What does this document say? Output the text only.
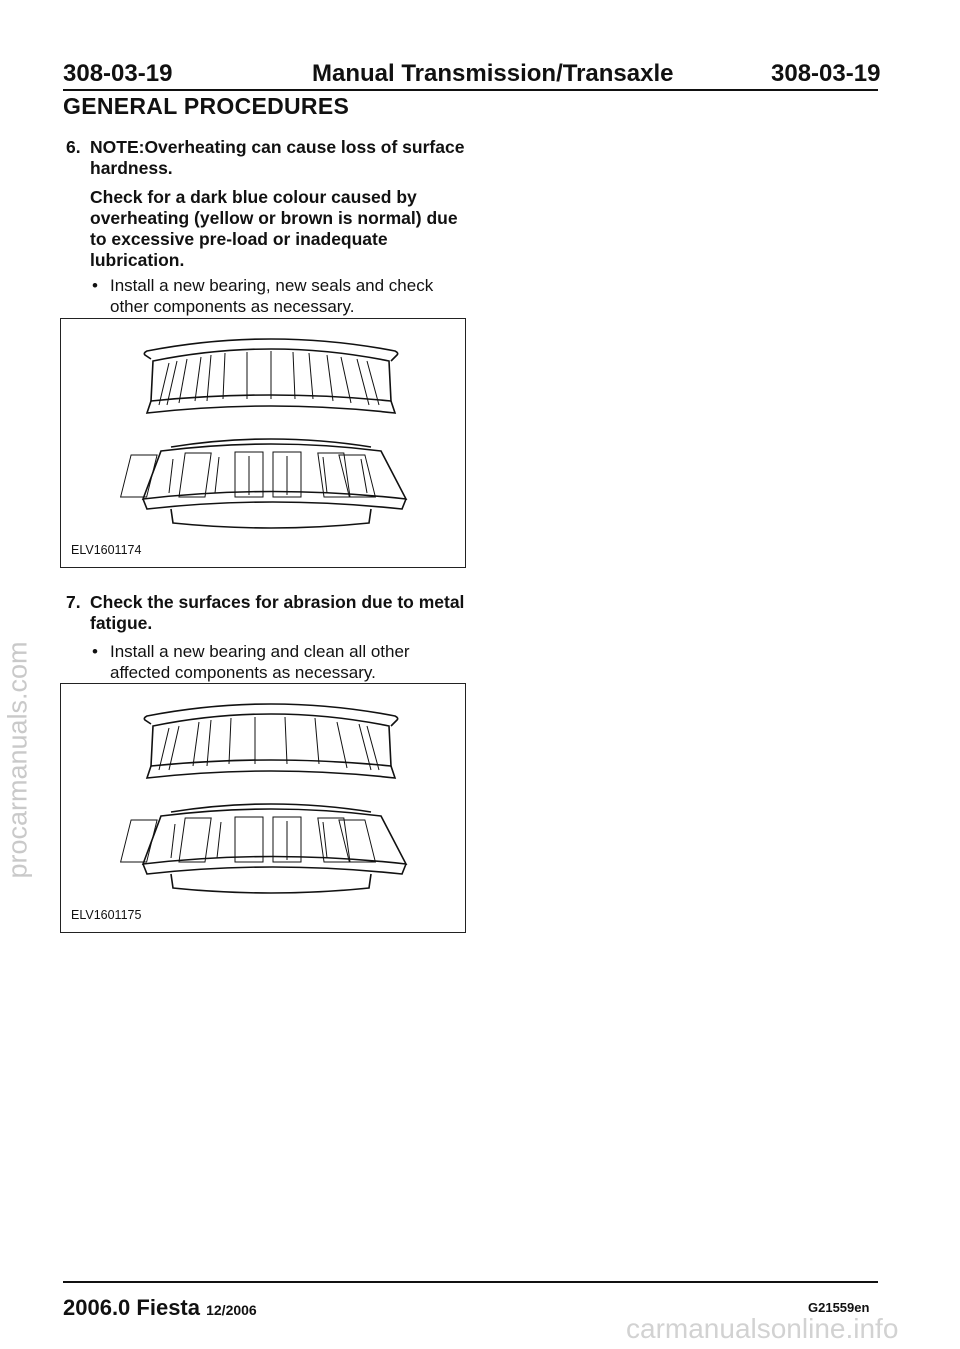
308-03-19	Manual Transmission/Transaxle	308-03-19
GENERAL PROCEDURES
6. NOTE:Overheating can cause loss of surface
hardness.
Check for a dark blue colour caused by
overheating (yellow or brown is normal) due
to excessive pre-load or inadequate
lubrication.
• Install a new bearing, new seals and check
other components as necessary.
ELV1601174
7. Check the surfaces for abrasion due to metal
fatigue.
• Install a new bearing and clean all other
affected components as necessary.
ELV1601175
2006.0 Fiesta 12/2006	G21559en
procarmanuals.com
carmanualsonline.info
